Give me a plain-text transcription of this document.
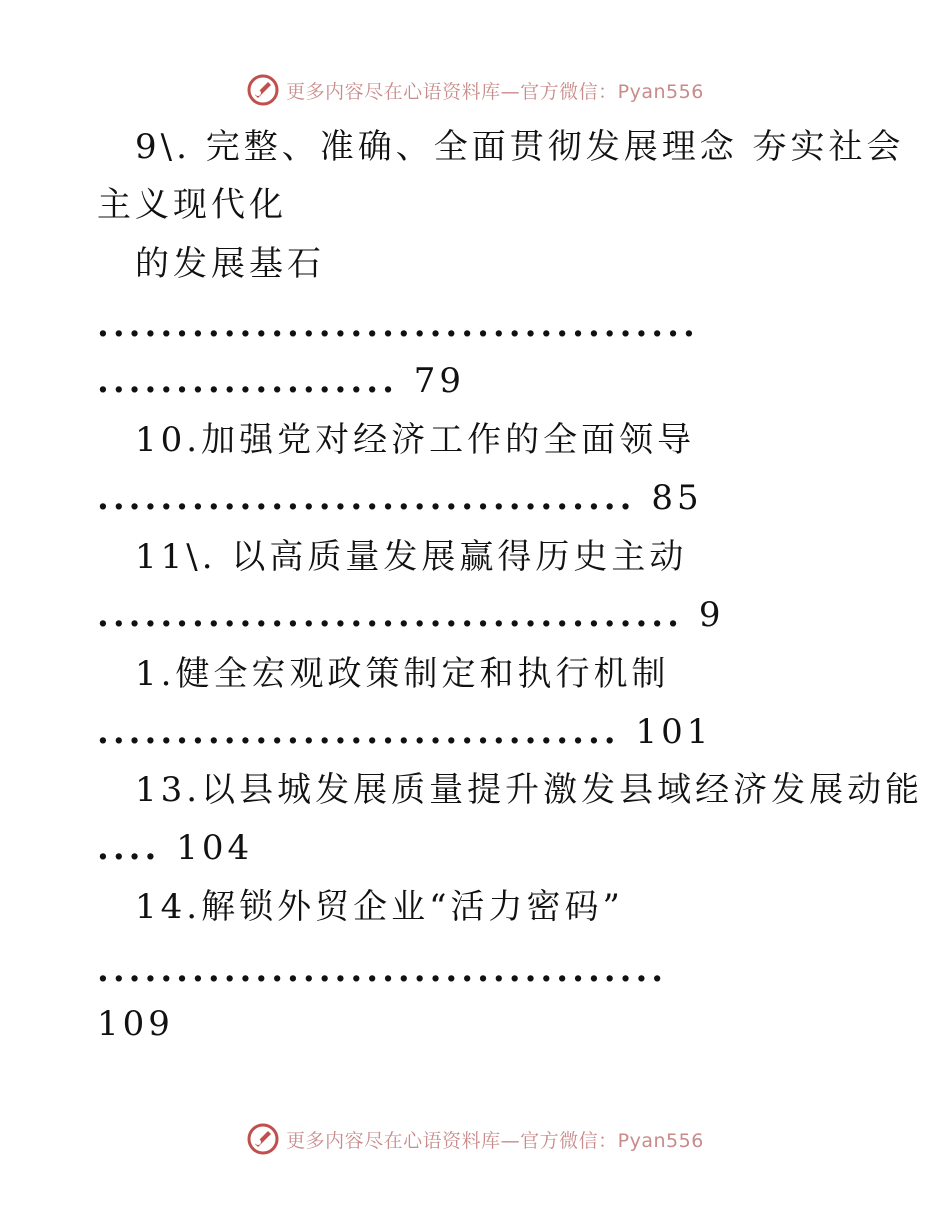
更多内容尽在心语资料库—官方微信：Pyan556
9\. 完整、准确、全面贯彻发展理念 夯实社会
主义现代化
的发展基石
......................................
................... 79
10.加强党对经济工作的全面领导
.................................. 85
11\. 以高质量发展赢得历史主动
..................................... 9
1.健全宏观政策制定和执行机制
................................. 101
13.以县城发展质量提升激发县域经济发展动能
.... 104
14.解锁外贸企业“活力密码”
....................................
109
更多内容尽在心语资料库—官方微信：Pyan556
